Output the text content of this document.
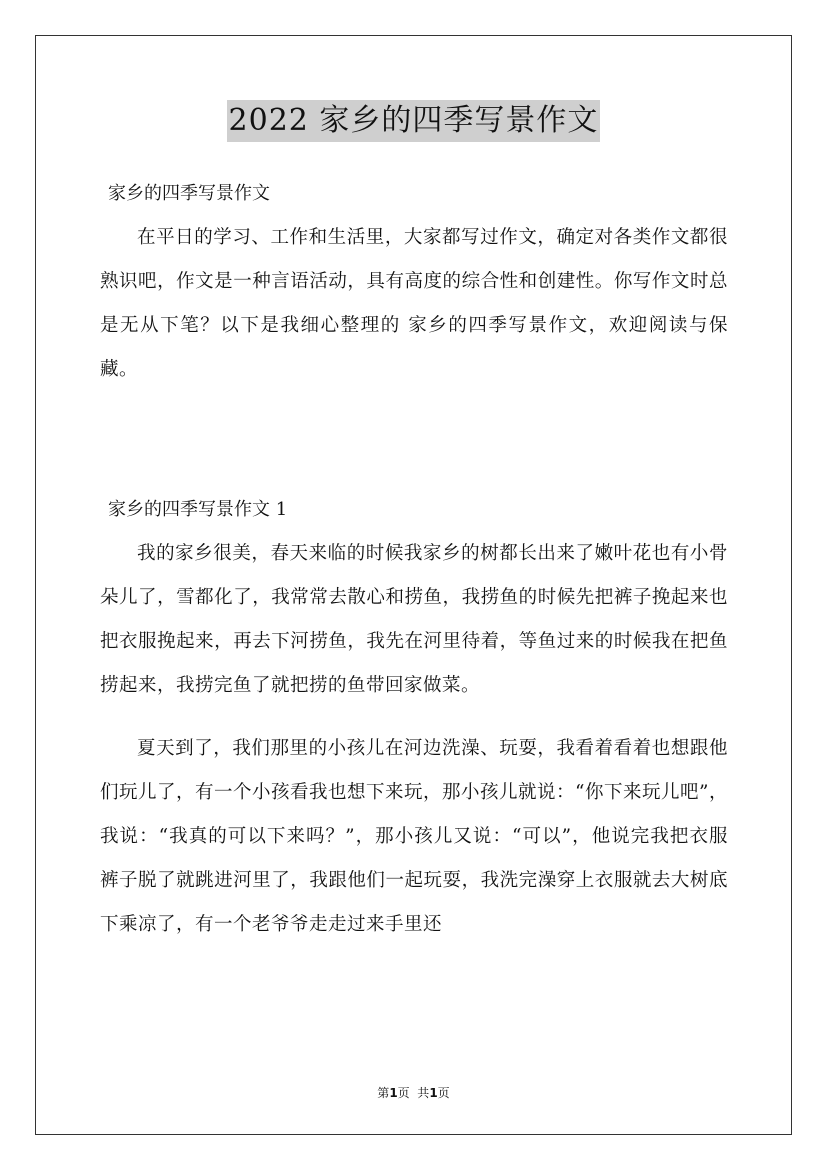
2022 家乡的四季写景作文

家乡的四季写景作文

在平日的学习、工作和生活里，大家都写过作文，确定对各类作文都很熟识吧，作文是一种言语活动，具有高度的综合性和创建性。你写作文时总是无从下笔？以下是我细心整理的 家乡的四季写景作文，欢迎阅读与保藏。

家乡的四季写景作文 1

我的家乡很美，春天来临的时候我家乡的树都长出来了嫩叶花也有小骨朵儿了，雪都化了，我常常去散心和捞鱼，我捞鱼的时候先把裤子挽起来也把衣服挽起来，再去下河捞鱼，我先在河里待着，等鱼过来的时候我在把鱼捞起来，我捞完鱼了就把捞的鱼带回家做菜。

夏天到了，我们那里的小孩儿在河边洗澡、玩耍，我看着看着也想跟他们玩儿了，有一个小孩看我也想下来玩，那小孩儿就说：“你下来玩儿吧”，我说：“我真的可以下来吗？”，那小孩儿又说：“可以”，他说完我把衣服裤子脱了就跳进河里了，我跟他们一起玩耍，我洗完澡穿上衣服就去大树底下乘凉了，有一个老爷爷走走过来手里还

第1页  共1页
